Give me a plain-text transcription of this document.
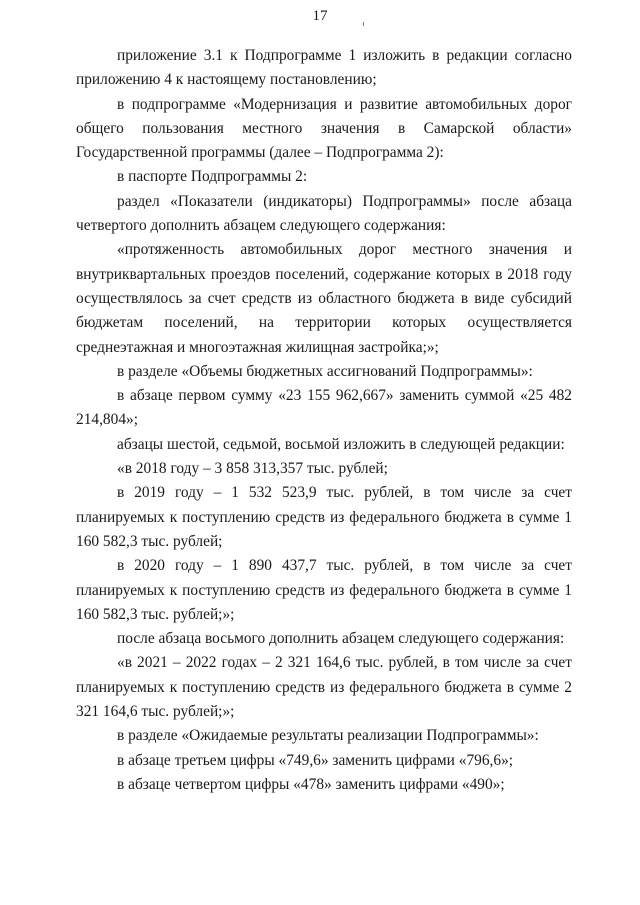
17

приложение 3.1 к Подпрограмме 1 изложить в редакции согласно приложению 4 к настоящему постановлению;

в подпрограмме «Модернизация и развитие автомобильных дорог общего пользования местного значения в Самарской области» Государственной программы (далее – Подпрограмма 2):

в паспорте Подпрограммы 2:

раздел «Показатели (индикаторы) Подпрограммы» после абзаца четвертого дополнить абзацем следующего содержания:

«протяженность автомобильных дорог местного значения и внутриквартальных проездов поселений, содержание которых в 2018 году осуществлялось за счет средств из областного бюджета в виде субсидий бюджетам поселений, на территории которых осуществляется среднеэтажная и многоэтажная жилищная застройка;»;

в разделе «Объемы бюджетных ассигнований Подпрограммы»:

в абзаце первом сумму «23 155 962,667» заменить суммой «25 482 214,804»;

абзацы шестой, седьмой, восьмой изложить в следующей редакции:

«в 2018 году – 3 858 313,357 тыс. рублей;

в 2019 году – 1 532 523,9 тыс. рублей, в том числе за счет планируемых к поступлению средств из федерального бюджета в сумме 1 160 582,3 тыс. рублей;

в 2020 году – 1 890 437,7 тыс. рублей, в том числе за счет планируемых к поступлению средств из федерального бюджета в сумме 1 160 582,3 тыс. рублей;»;

после абзаца восьмого дополнить абзацем следующего содержания:

«в 2021 – 2022 годах – 2 321 164,6 тыс. рублей, в том числе за счет планируемых к поступлению средств из федерального бюджета в сумме 2 321 164,6 тыс. рублей;»;

в разделе «Ожидаемые результаты реализации Подпрограммы»:

в абзаце третьем цифры «749,6» заменить цифрами «796,6»;

в абзаце четвертом цифры «478» заменить цифрами «490»;
